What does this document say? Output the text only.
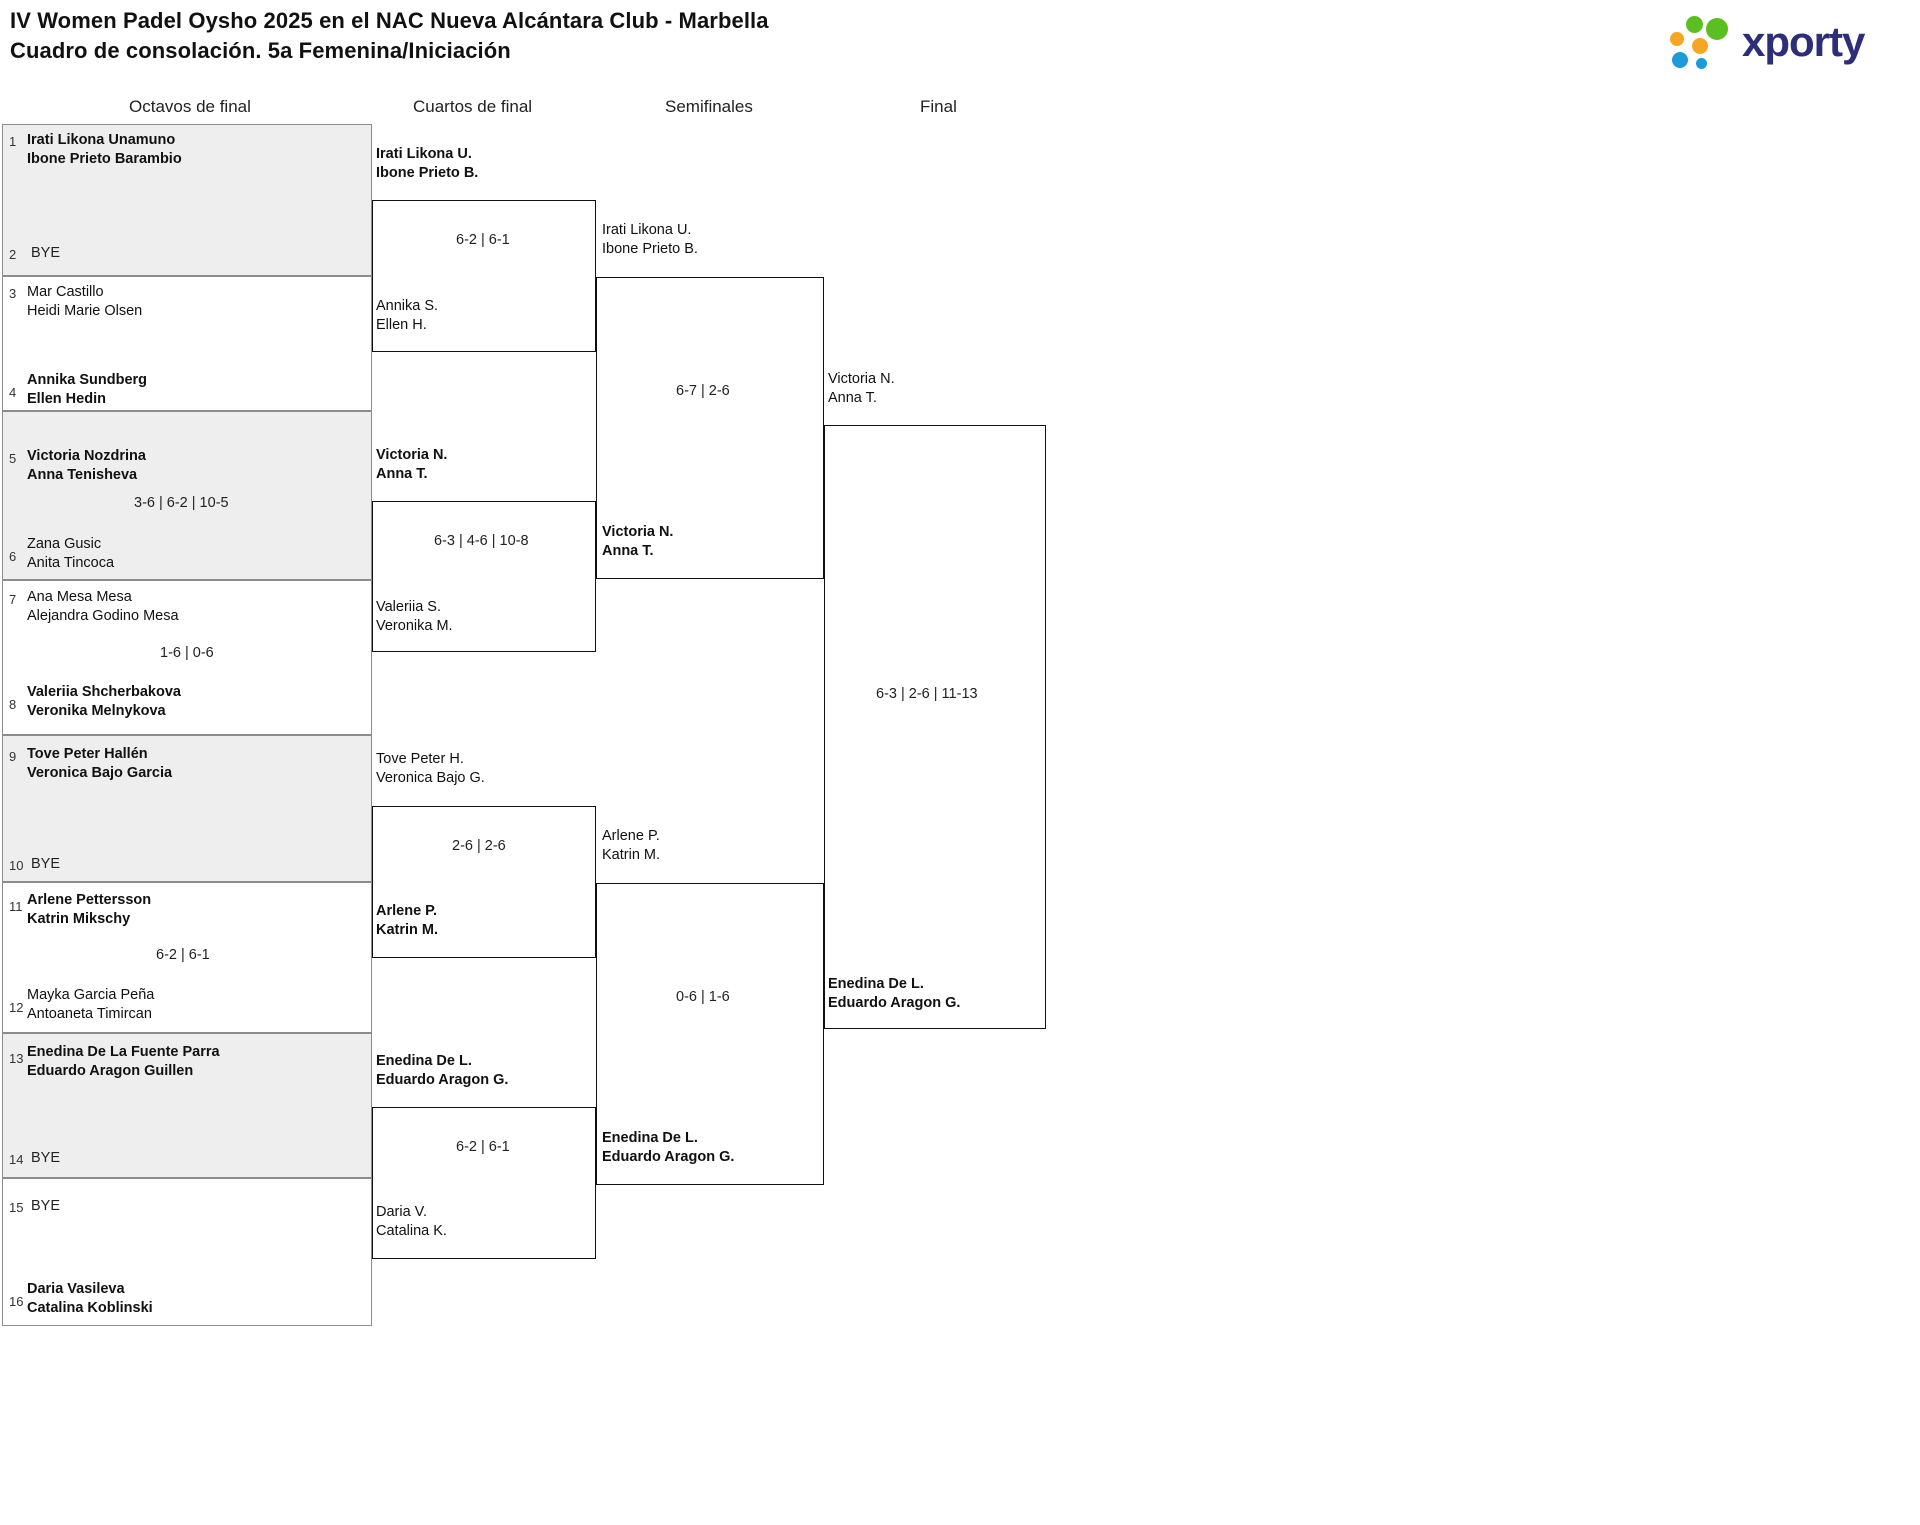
IV Women Padel Oysho 2025 en el NAC Nueva Alcántara Club - Marbella
Cuadro de consolación. 5a Femenina/Iniciación	xporty
Octavos de final	Cuartos de final	Semifinales	Final
1 Irati Likona Unamuno
Ibone Prieto Barambio
2 BYE
3 Mar Castillo
Heidi Marie Olsen
4
Annika Sundberg
Ellen Hedin
5 Victoria Nozdrina
Anna Tenisheva
6
Zana Gusic
Anita Tincoca
3-6 | 6-2 | 10-5
7 Ana Mesa Mesa
Alejandra Godino Mesa
8
Valeriia Shcherbakova
Veronika Melnykova
1-6 | 0-6
9 Tove Peter Hallén
Veronica Bajo Garcia
10 BYE
11 Arlene Pettersson
Katrin Mikschy
12
Mayka Garcia Peña
Antoaneta Timircan
6-2 | 6-1
13 Enedina De La Fuente Parra
Eduardo Aragon Guillen
14 BYE
15 BYE
16
Daria Vasileva
Catalina Koblinski
Irati Likona U.
Ibone Prieto B.
6-2 | 6-1
Annika S.
Ellen H.
Victoria N.
Anna T.
6-3 | 4-6 | 10-8
Valeriia S.
Veronika M.
Tove Peter H.
Veronica Bajo G.
2-6 | 2-6
Arlene P.
Katrin M.
Enedina De L.
Eduardo Aragon G.
6-2 | 6-1
Daria V.
Catalina K.
Irati Likona U.
Ibone Prieto B.
6-7 | 2-6
Victoria N.
Anna T.
Arlene P.
Katrin M.
0-6 | 1-6
Enedina De L.
Eduardo Aragon G.
Victoria N.
Anna T.
6-3 | 2-6 | 11-13
Enedina De L.
Eduardo Aragon G.
